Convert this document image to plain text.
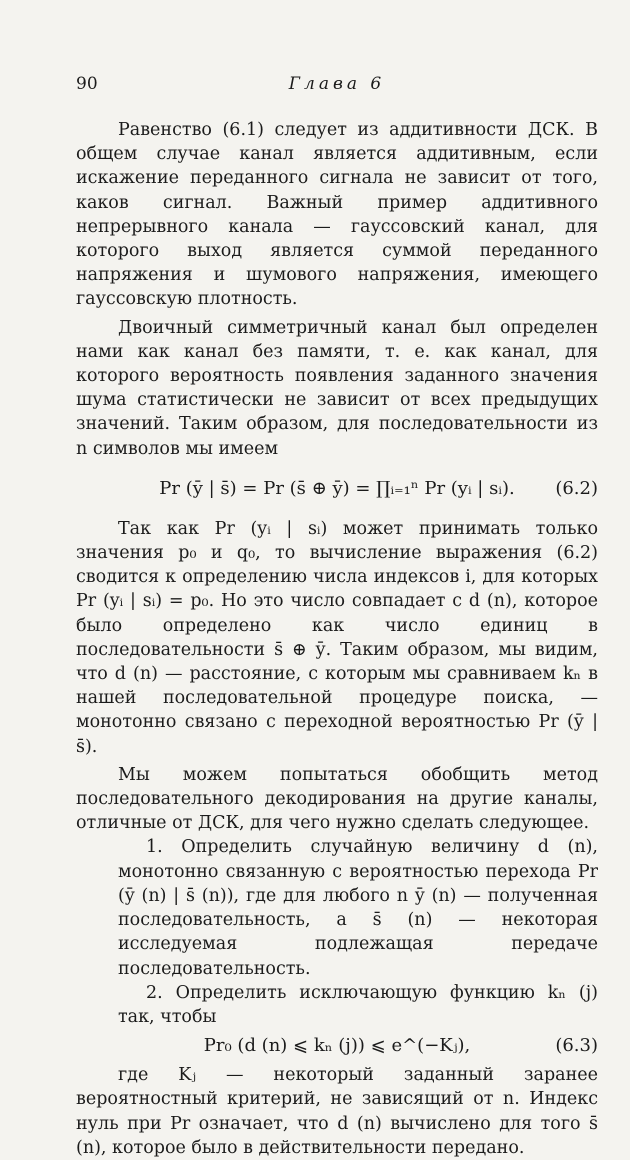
90	Глава 6

Равенство (6.1) следует из аддитивности ДСК. В общем случае канал является аддитивным, если искажение переданного сигнала не зависит от того, каков сигнал. Важный пример аддитивного непрерывного канала — гауссовский канал, для которого выход является суммой переданного напряжения и шумового напряжения, имеющего гауссовскую плотность.

Двоичный симметричный канал был определен нами как канал без памяти, т. е. как канал, для которого вероятность появления заданного значения шума статистически не зависит от всех предыдущих значений. Таким образом, для последовательности из n символов мы имеем

Pr (ȳ | s̄) = Pr (s̄ ⊕ ȳ) = ∏ᵢ₌₁ⁿ Pr (yᵢ | sᵢ). (6.2)

Так как Pr (yᵢ | sᵢ) может принимать только значения p₀ и q₀, то вычисление выражения (6.2) сводится к определению числа индексов i, для которых Pr (yᵢ | sᵢ) = p₀. Но это число совпадает с d (n), которое было определено как число единиц в последовательности s̄ ⊕ ȳ. Таким образом, мы видим, что d (n) — расстояние, с которым мы сравниваем kₙ в нашей последовательной процедуре поиска, — монотонно связано с переходной вероятностью Pr (ȳ | s̄).

Мы можем попытаться обобщить метод последовательного декодирования на другие каналы, отличные от ДСК, для чего нужно сделать следующее.

1. Определить случайную величину d (n), монотонно связанную с вероятностью перехода Pr (ȳ (n) | s̄ (n)), где для любого n ȳ (n) — полученная последовательность, а s̄ (n) — некоторая исследуемая подлежащая передаче последовательность.

2. Определить исключающую функцию kₙ (j) так, чтобы

Pr₀ (d (n) ⩽ kₙ (j)) ⩽ e^(−Kⱼ),	(6.3)

где Kⱼ — некоторый заданный заранее вероятностный критерий, не зависящий от n. Индекс нуль при Pr означает, что d (n) вычислено для того s̄ (n), которое было в действительности передано.
